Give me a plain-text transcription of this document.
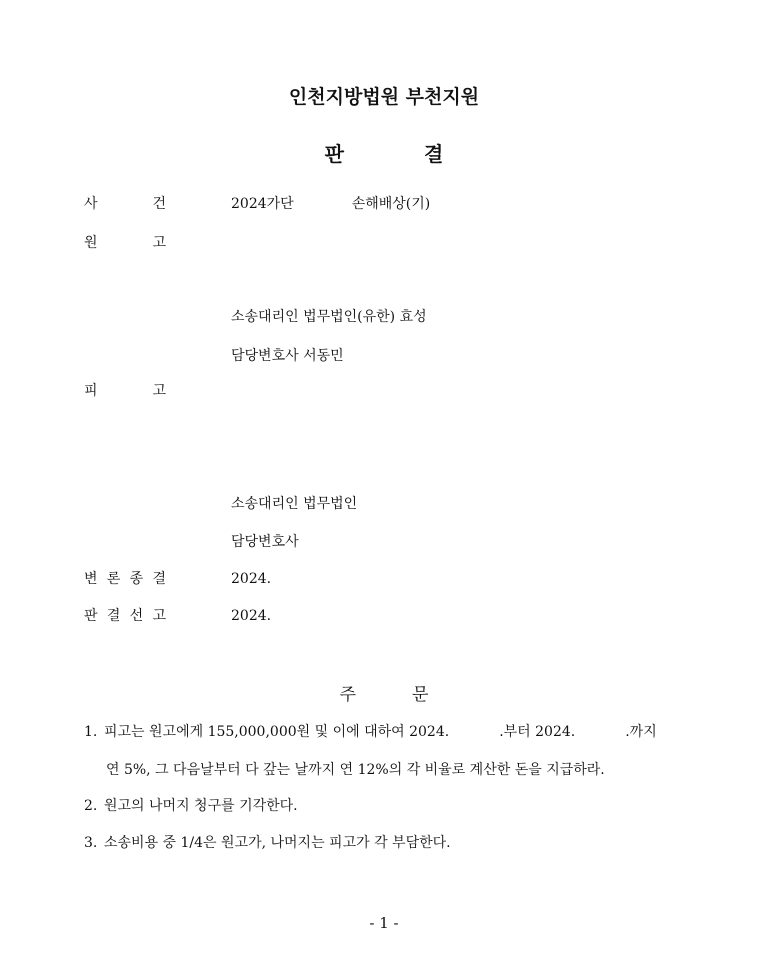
인천지방법원 부천지원
판	결
사	건	2024가단	손해배상(기)
원	고
소송대리인 법무법인(유한) 효성
담당변호사 서동민
피	고
소송대리인 법무법인
담당변호사
변 론 종 결	2024.
판 결 선 고	2024.
주	문
1. 피고는 원고에게 155,000,000원 및 이에 대하여 2024.	.부터 2024.	.까지
연 5%, 그 다음날부터 다 갚는 날까지 연 12%의 각 비율로 계산한 돈을 지급하라.
2. 원고의 나머지 청구를 기각한다.
3. 소송비용 중 1/4은 원고가, 나머지는 피고가 각 부담한다.
- 1 -
